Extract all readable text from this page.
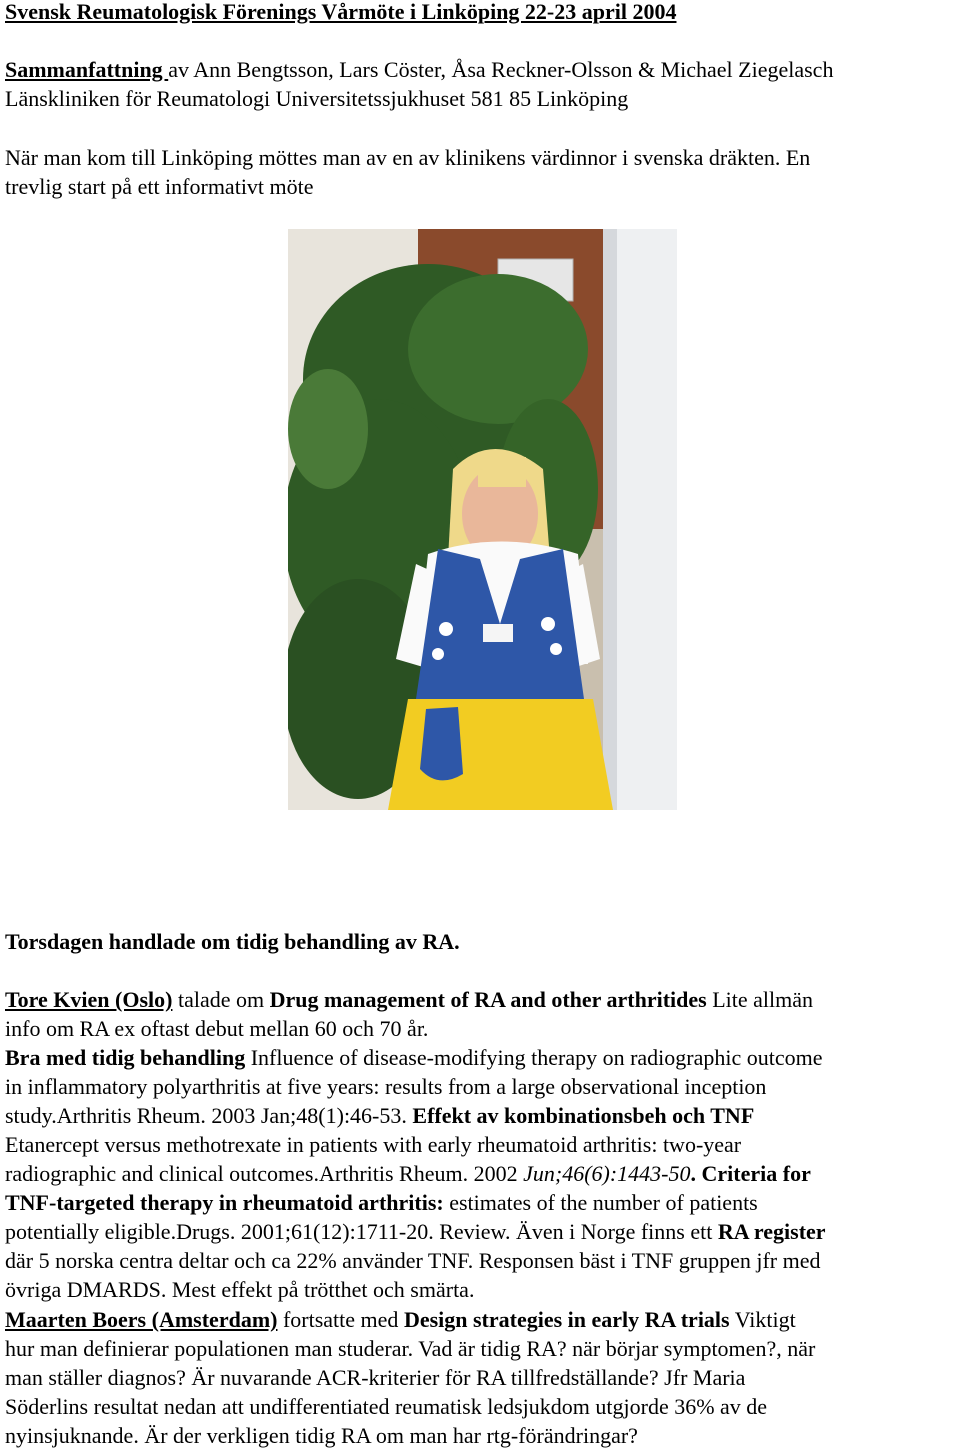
Svensk Reumatologisk Förenings Vårmöte i Linköping 22-23 april 2004
Sammanfattning av Ann Bengtsson, Lars Cöster, Åsa Reckner-Olsson & Michael Ziegelasch
Länskliniken för Reumatologi Universitetssjukhuset 581 85 Linköping
När man kom till Linköping möttes man av en av klinikens värdinnor i svenska dräkten. En
trevlig start på ett informativt möte
Torsdagen handlade om tidig behandling av RA.
Tore Kvien (Oslo) talade om Drug management of RA and other arthritides Lite allmän
info om RA ex oftast debut mellan 60 och 70 år.
Bra med tidig behandling Influence of disease-modifying therapy on radiographic outcome
in inflammatory polyarthritis at five years: results from a large observational inception
study.Arthritis Rheum. 2003 Jan;48(1):46-53. Effekt av kombinationsbeh och TNF
Etanercept versus methotrexate in patients with early rheumatoid arthritis: two-year
radiographic and clinical outcomes.Arthritis Rheum. 2002 Jun;46(6):1443-50. Criteria for
TNF-targeted therapy in rheumatoid arthritis: estimates of the number of patients
potentially eligible.Drugs. 2001;61(12):1711-20. Review. Även i Norge finns ett RA register
där 5 norska centra deltar och ca 22% använder TNF. Responsen bäst i TNF gruppen jfr med
övriga DMARDS. Mest effekt på trötthet och smärta.
Maarten Boers (Amsterdam) fortsatte med Design strategies in early RA trials Viktigt
hur man definierar populationen man studerar. Vad är tidig RA? när börjar symptomen?, när
man ställer diagnos? Är nuvarande ACR-kriterier för RA tillfredställande? Jfr Maria
Söderlins resultat nedan att undifferentiated reumatisk ledsjukdom utgjorde 36% av de
nyinsjuknande. Är der verkligen tidig RA om man har rtg-förändringar?
